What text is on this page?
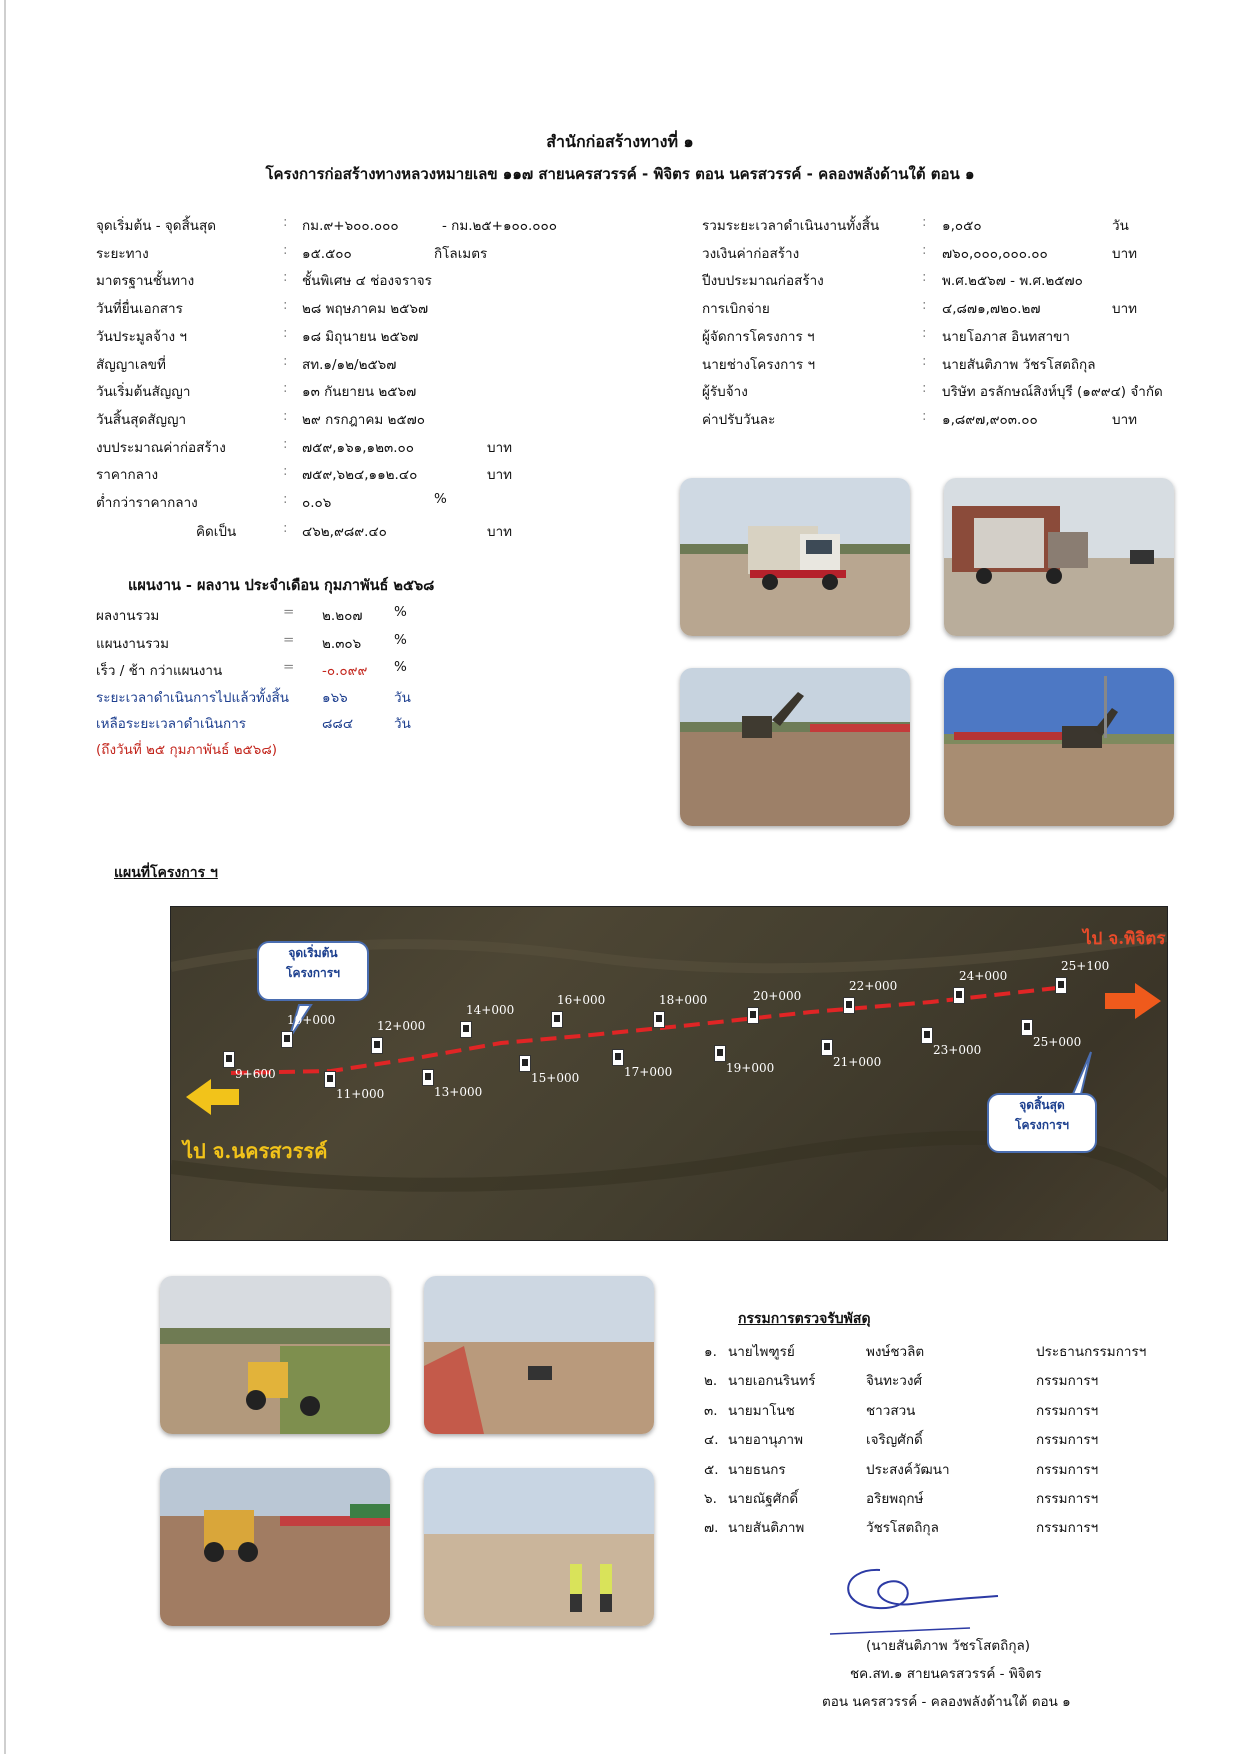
สำนักก่อสร้างทางที่ ๑
โครงการก่อสร้างทางหลวงหมายเลข ๑๑๗ สายนครสวรรค์ - พิจิตร ตอน นครสวรรค์ - คลองพลังด้านใต้ ตอน ๑
จุดเริ่มต้น - จุดสิ้นสุด	: กม.๙+๖๐๐.๐๐๐	- กม.๒๕+๑๐๐.๐๐๐
ระยะทาง	: ๑๕.๕๐๐	กิโลเมตร
มาตรฐานชั้นทาง	: ชั้นพิเศษ ๔ ช่องจราจร
วันที่ยื่นเอกสาร	: ๒๘ พฤษภาคม ๒๕๖๗
วันประมูลจ้าง ฯ	: ๑๘ มิถุนายน ๒๕๖๗
สัญญาเลขที่	: สท.๑/๑๒/๒๕๖๗
วันเริ่มต้นสัญญา	: ๑๓ กันยายน ๒๕๖๗
วันสิ้นสุดสัญญา	: ๒๙ กรกฎาคม ๒๕๗๐
งบประมาณค่าก่อสร้าง	: ๗๕๙,๑๖๑,๑๒๓.๐๐	บาท
ราคากลาง	: ๗๕๙,๖๒๔,๑๑๒.๔๐	บาท
ต่ำกว่าราคากลาง	: ๐.๐๖	%
คิดเป็น	: ๔๖๒,๙๘๙.๔๐	บาท
รวมระยะเวลาดำเนินงานทั้งสิ้น	: ๑,๐๕๐	วัน
วงเงินค่าก่อสร้าง	: ๗๖๐,๐๐๐,๐๐๐.๐๐	บาท
ปีงบประมาณก่อสร้าง	: พ.ศ.๒๕๖๗ - พ.ศ.๒๕๗๐
การเบิกจ่าย	: ๔,๘๗๑,๗๒๐.๒๗	บาท
ผู้จัดการโครงการ ฯ	: นายโอภาส อินทสาขา
นายช่างโครงการ ฯ	: นายสันติภาพ วัชรโสตถิกุล
ผู้รับจ้าง	: บริษัท อรลักษณ์สิงห์บุรี (๑๙๙๔) จำกัด
ค่าปรับวันละ	: ๑,๘๙๗,๙๐๓.๐๐	บาท
แผนงาน - ผลงาน ประจำเดือน กุมภาพันธ์ ๒๕๖๘
ผลงานรวม	= ๒.๒๐๗ %
แผนงานรวม	= ๒.๓๐๖ %
เร็ว / ช้า กว่าแผนงาน	= -๐.๐๙๙ %
ระยะเวลาดำเนินการไปแล้วทั้งสิ้น ๑๖๖	วัน
เหลือระยะเวลาดำเนินการ	๘๘๔	วัน
(ถึงวันที่ ๒๕ กุมภาพันธ์ ๒๕๖๘)
แผนที่โครงการ ฯ
จุดเริ่มต้น
โครงการฯ
จุดสิ้นสุด
โครงการฯ
ไป จ.พิจิตร
ไป จ.นครสวรรค์
10+000	12+000
14+000
16+000	18+000	20+000
22+000
24+000
25+100
9+600
11+000	13+000
15+000	17+000	19+000	21+000
23+000
25+000
กรรมการตรวจรับพัสดุ
๑. นายไพฑูรย์	พงษ์ชวลิต	ประธานกรรมการฯ
๒. นายเอกนรินทร์	จินทะวงศ์	กรรมการฯ
๓. นายมาโนช	ชาวสวน	กรรมการฯ
๔. นายอานุภาพ	เจริญศักดิ์	กรรมการฯ
๕. นายธนกร	ประสงค์วัฒนา	กรรมการฯ
๖. นายณัฐศักดิ์	อริยพฤกษ์	กรรมการฯ
๗. นายสันติภาพ	วัชรโสตถิกุล	กรรมการฯ
(นายสันติภาพ วัชรโสตถิกุล)
ชค.สท.๑ สายนครสวรรค์ - พิจิตร
ตอน นครสวรรค์ - คลองพลังด้านใต้ ตอน ๑
